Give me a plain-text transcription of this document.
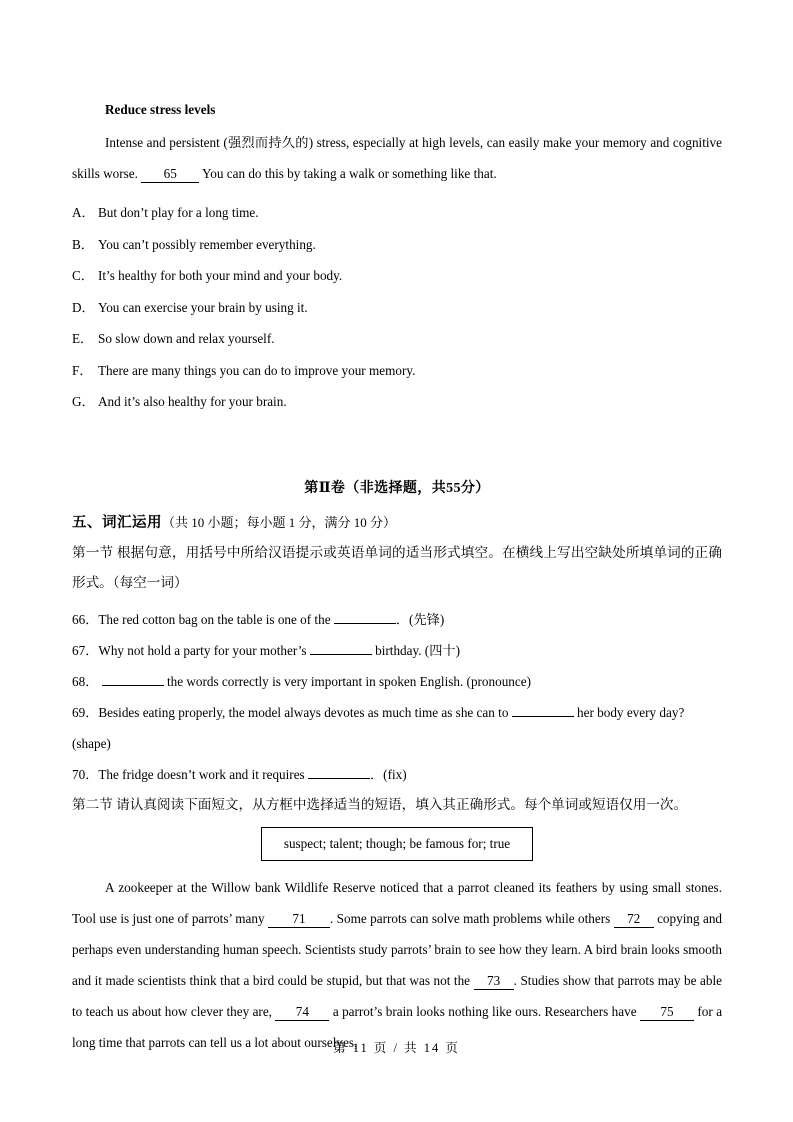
Reduce stress levels
Intense and persistent (强烈而持久的) stress, especially at high levels, can easily make your memory and cognitive skills worse. 65 You can do this by taking a walk or something like that.
A． But don’t play for a long time.
B． You can’t possibly remember everything.
C． It’s healthy for both your mind and your body.
D． You can exercise your brain by using it.
E． So slow down and relax yourself.
F． There are many things you can do to improve your memory.
G． And it’s also healthy for your brain.
第Ⅱ卷（非选择题，共55分）
五、词汇运用（共 10 小题；每小题 1 分，满分 10 分）
第一节 根据句意，用括号中所给汉语提示或英语单词的适当形式填空。在横线上写出空缺处所填单词的正确形式。（每空一词）
66．The red cotton bag on the table is one of the	．(先锋)
67．Why not hold a party for your mother’s	birthday. (四十)
68．	the words correctly is very important in spoken English. (pronounce)
69．Besides eating properly, the model always devotes as much time as she can to	her body every day?
(shape)
70．The fridge doesn’t work and it requires	．(fix)
第二节 请认真阅读下面短文，从方框中选择适当的短语，填入其正确形式。每个单词或短语仅用一次。
suspect; talent; though; be famous for; true
A zookeeper at the Willow bank Wildlife Reserve noticed that a parrot cleaned its feathers by using small stones. Tool use is just one of parrots’ many 71 . Some parrots can solve math problems while others 72 copying and perhaps even understanding human speech. Scientists study parrots’ brain to see how they learn. A bird brain looks smooth and it made scientists think that a bird could be stupid, but that was not the 73 . Studies show that parrots may be able to teach us about how clever they are, 74 a parrot’s brain looks nothing like ours. Researchers have 75 for a long time that parrots can tell us a lot about ourselves,
第 11 页 / 共 14 页
